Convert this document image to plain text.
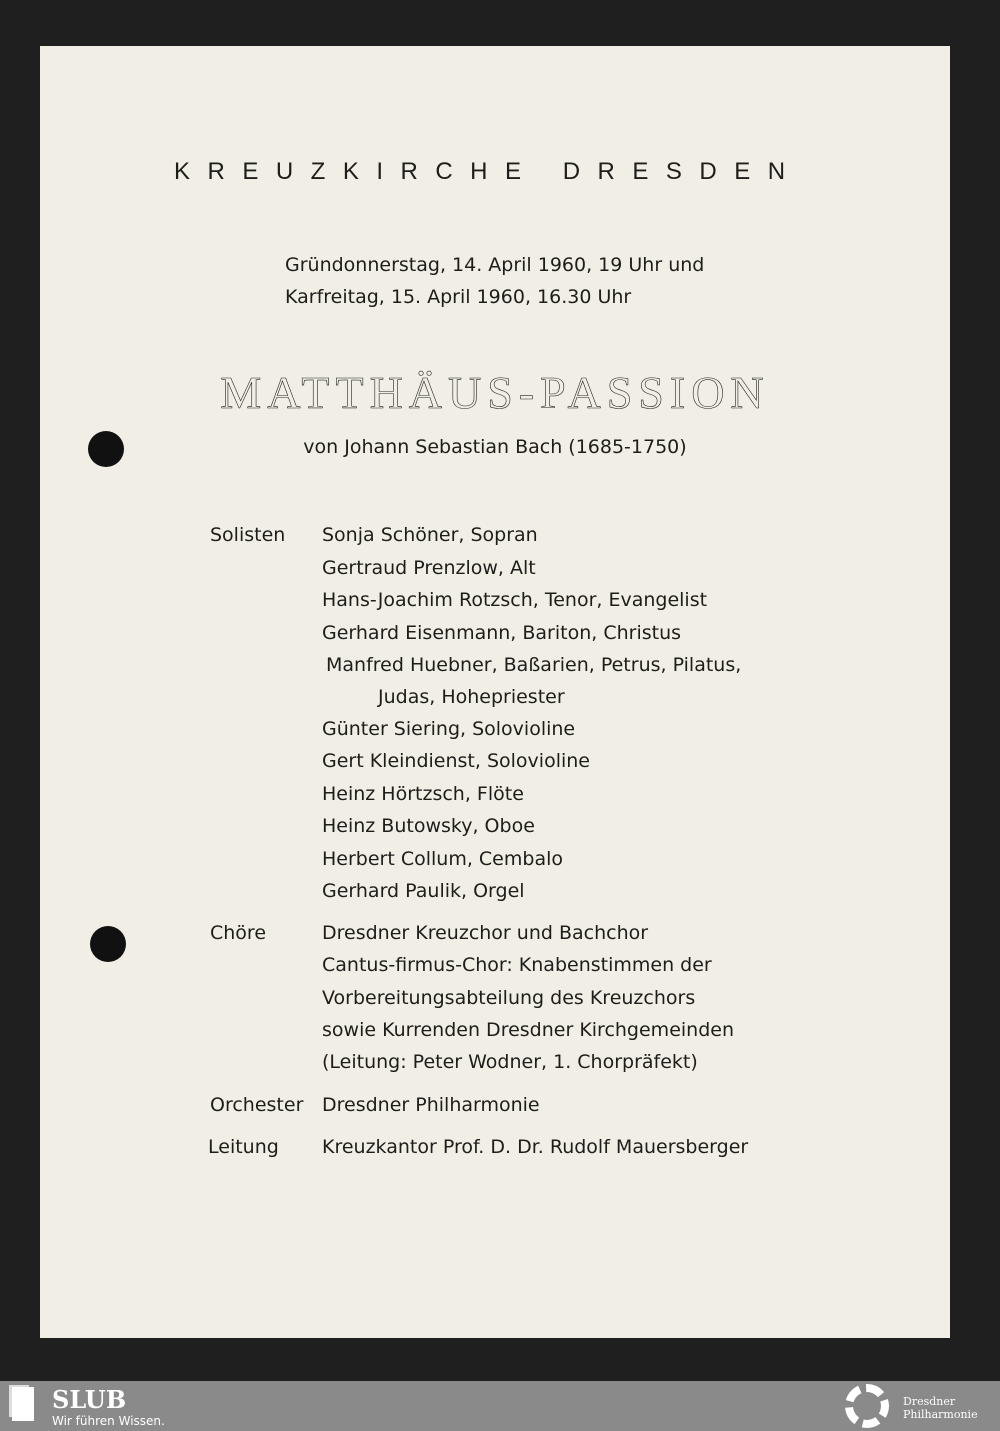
KREUZKIRCHE DRESDEN
Gründonnerstag, 14. April 1960, 19 Uhr und
Karfreitag, 15. April 1960, 16.30 Uhr
MATTHÄUS-PASSION
von Johann Sebastian Bach (1685-1750)
Solisten Sonja Schöner, Sopran
Gertraud Prenzlow, Alt
Hans-Joachim Rotzsch, Tenor, Evangelist
Gerhard Eisenmann, Bariton, Christus
Manfred Huebner, Baßarien, Petrus, Pilatus,
Judas, Hohepriester
Günter Siering, Solovioline
Gert Kleindienst, Solovioline
Heinz Hörtzsch, Flöte
Heinz Butowsky, Oboe
Herbert Collum, Cembalo
Gerhard Paulik, Orgel
Chöre	Dresdner Kreuzchor und Bachchor
Cantus-firmus-Chor: Knabenstimmen der
Vorbereitungsabteilung des Kreuzchors
sowie Kurrenden Dresdner Kirchgemeinden
(Leitung: Peter Wodner, 1. Chorpräfekt)
Orchester Dresdner Philharmonie
Leitung Kreuzkantor Prof. D. Dr. Rudolf Mauersberger
SLUB
Wir führen Wissen.
Dresdner
Philharmonie
